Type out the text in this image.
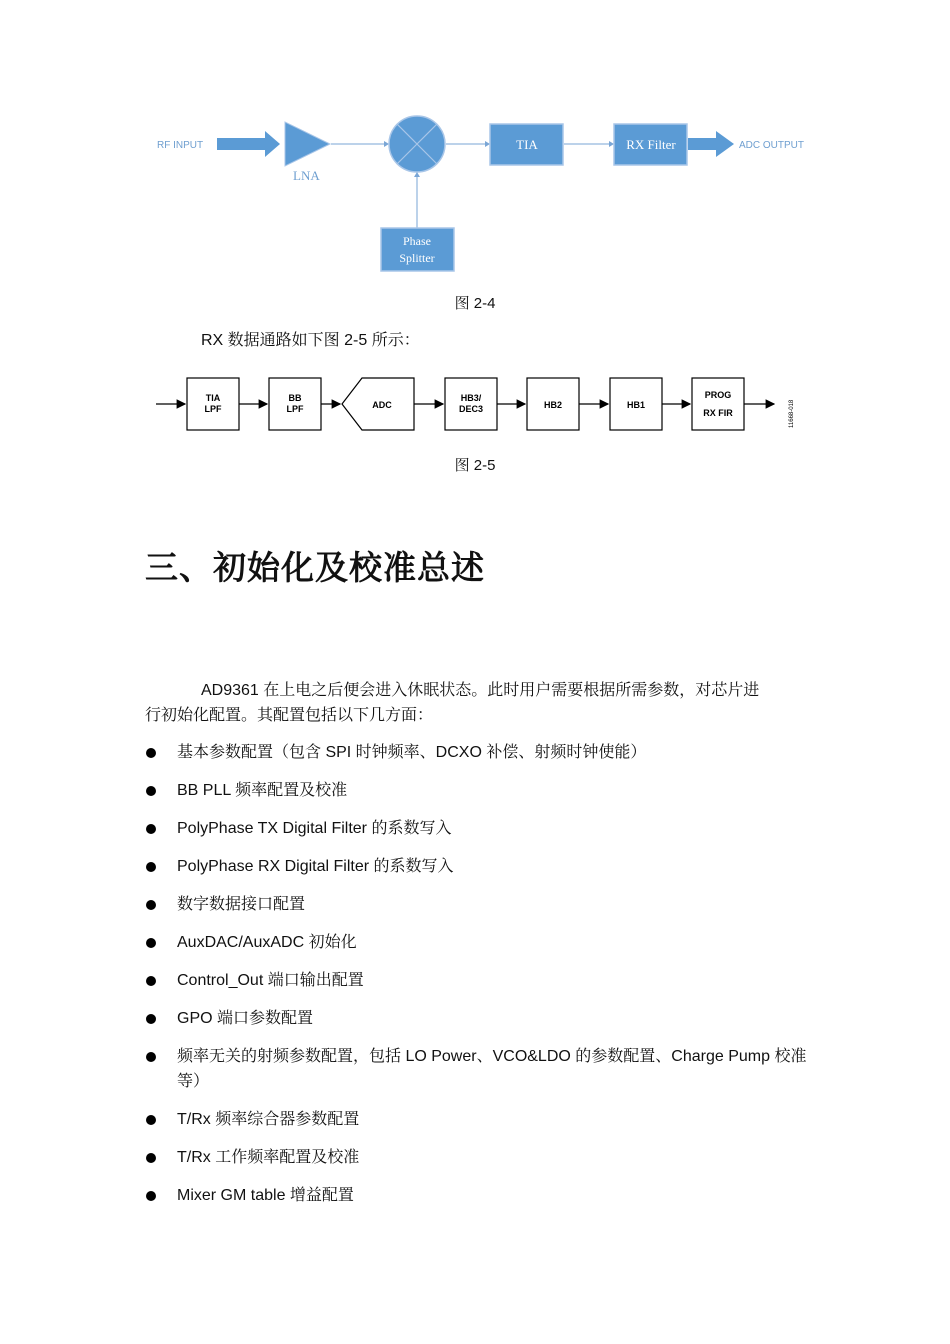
RF INPUT
LNA
TIA	RX Filter	ADC OUTPUT
Phase
Splitter
图 2-4
RX 数据通路如下图 2-5 所示：
TIA
LPF
BB
LPF	ADC
HB3/
DEC3	HB2	HB1
PROG
RX FIR	11668-018
图 2-5
三、初始化及校准总述
AD9361 在上电之后便会进入休眠状态。此时用户需要根据所需参数，对芯片进
行初始化配置。其配置包括以下几方面：
基本参数配置（包含 SPI 时钟频率、DCXO 补偿、射频时钟使能）
BB PLL 频率配置及校准
PolyPhase TX Digital Filter 的系数写入
PolyPhase RX Digital Filter 的系数写入
数字数据接口配置
AuxDAC/AuxADC 初始化
Control_Out 端口输出配置
GPO 端口参数配置
频率无关的射频参数配置，包括 LO Power、VCO&LDO 的参数配置、Charge Pump 校准等）
T/Rx 频率综合器参数配置
T/Rx 工作频率配置及校准
Mixer GM table 增益配置
